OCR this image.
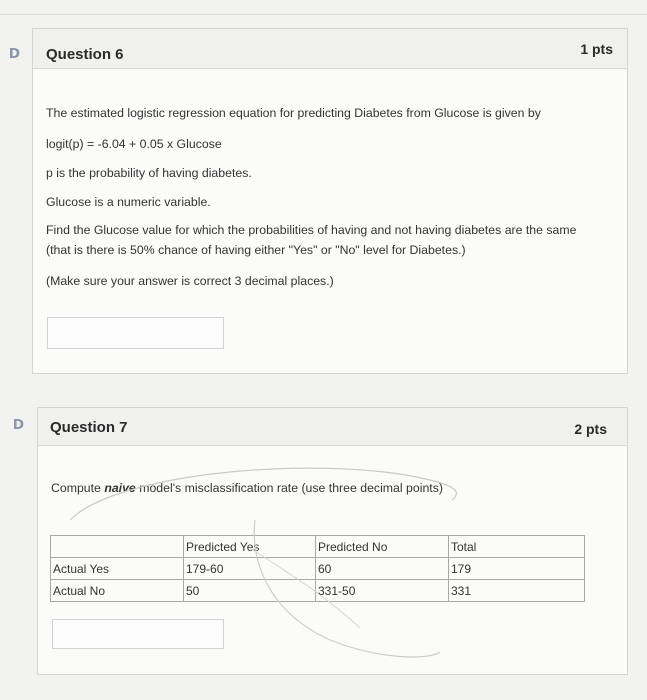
D Question 6	1 pts
The estimated logistic regression equation for predicting Diabetes from Glucose is given by
logit(p) = -6.04 + 0.05 x Glucose
p is the probability of having diabetes.
Glucose is a numeric variable.
Find the Glucose value for which the probabilities of having and not having diabetes are the same
(that is there is 50% chance of having either "Yes" or "No" level for Diabetes.)
(Make sure your answer is correct 3 decimal places.)
D Question 7	2 pts
Compute naive model's misclassification rate (use three decimal points)
	Predicted Yes	Predicted No	Total
Actual Yes	179-60	60	179
Actual No	50	331-50	331
